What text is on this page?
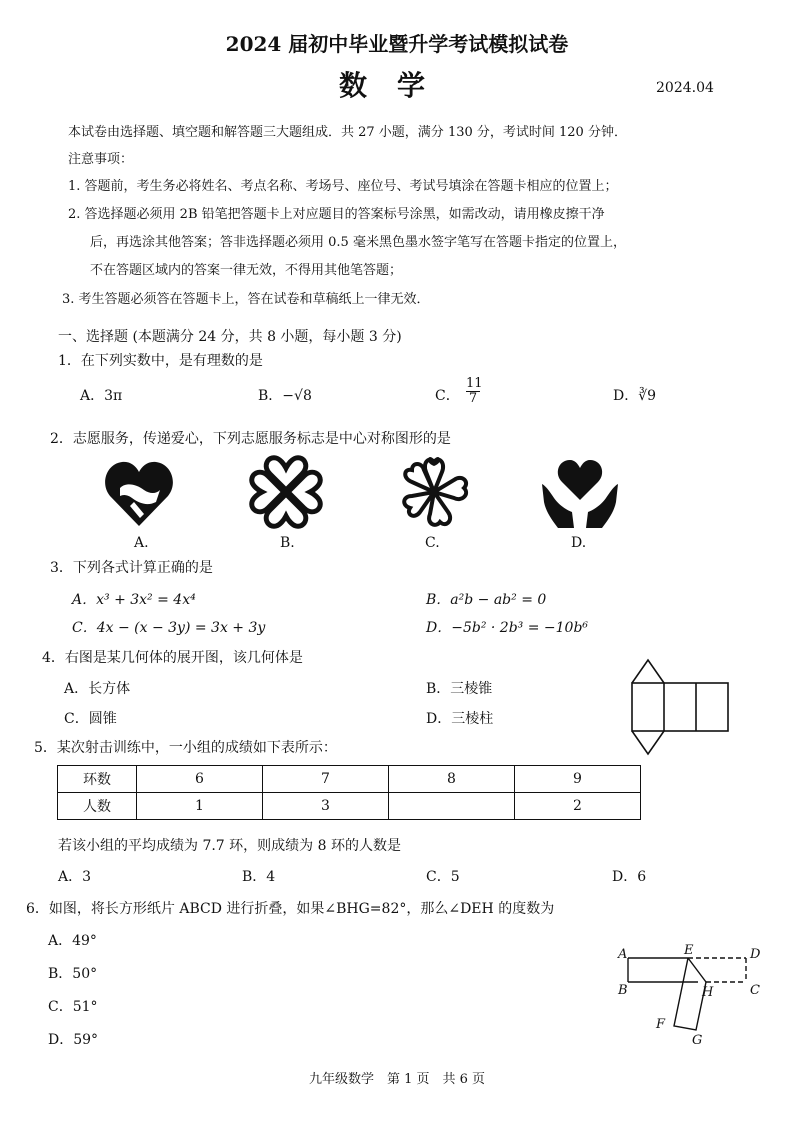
2024 届初中毕业暨升学考试模拟试卷
数学	2024.04
本试卷由选择题、填空题和解答题三大题组成．共 27 小题，满分 130 分，考试时间 120 分钟．
注意事项：
1. 答题前，考生务必将姓名、考点名称、考场号、座位号、考试号填涂在答题卡相应的位置上；
2. 答选择题必须用 2B 铅笔把答题卡上对应题目的答案标号涂黑，如需改动，请用橡皮擦干净
后，再选涂其他答案；答非选择题必须用 0.5 毫米黑色墨水签字笔写在答题卡指定的位置上，
不在答题区域内的答案一律无效，不得用其他笔答题；
3. 考生答题必须答在答题卡上，答在试卷和草稿纸上一律无效．
一、选择题 (本题满分 24 分，共 8 小题，每小题 3 分)
1．在下列实数中，是有理数的是
A．3π	B．−√8	C． $\frac{11}{7}$	D．∛9
2．志愿服务，传递爱心，下列志愿服务标志是中心对称图形的是
A.	B.	C.	D.
3．下列各式计算正确的是
A．x³ + 3x² = 4x⁴	B．a²b − ab² = 0
C．4x − (x − 3y) = 3x + 3y	D．−5b² · 2b³ = −10b⁶
4．右图是某几何体的展开图，该几何体是
A．长方体	B．三棱锥
C．圆锥	D．三棱柱
5．某次射击训练中，一小组的成绩如下表所示：
环数	6	7	8	9
人数	1	3		2
若该小组的平均成绩为 7.7 环，则成绩为 8 环的人数是
A．3	B．4	C．5	D．6
6．如图，将长方形纸片 ABCD 进行折叠，如果∠BHG=82°，那么∠DEH 的度数为
A．49°
B．50°
C．51°
D．59°
A	E	D
B	H	C
F
G
九年级数学　第 1 页　共 6 页
